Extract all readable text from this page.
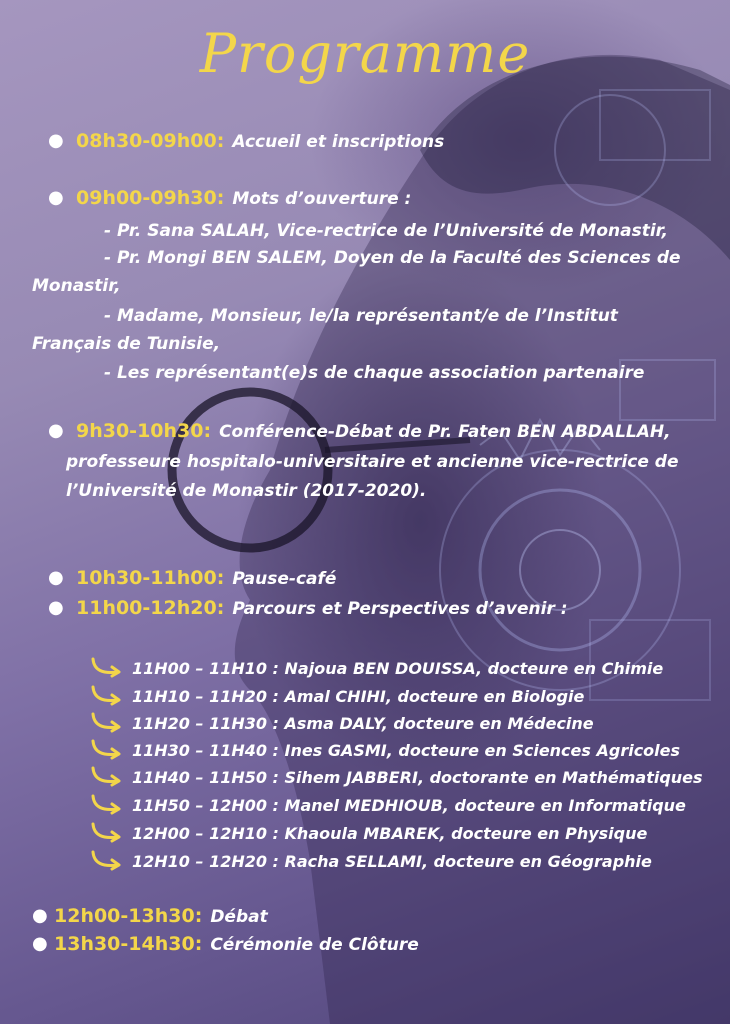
Programme
● 08h30-09h00: Accueil et inscriptions
● 09h00-09h30: Mots d’ouverture :
- Pr. Sana SALAH, Vice-rectrice de l’Université de Monastir,
- Pr. Mongi BEN SALEM, Doyen de la Faculté des Sciences de
Monastir,
- Madame, Monsieur, le/la représentant/e de l’Institut
Français de Tunisie,
- Les représentant(e)s de chaque association partenaire
● 9h30-10h30: Conférence-Débat de Pr. Faten BEN ABDALLAH,
professeure hospitalo-universitaire et ancienne vice-rectrice de
l’Université de Monastir (2017-2020).
● 10h30-11h00: Pause-café
● 11h00-12h20: Parcours et Perspectives d’avenir :
11H00 – 11H10 : Najoua BEN DOUISSA, docteure en Chimie
11H10 – 11H20 : Amal CHIHI, docteure en Biologie
11H20 – 11H30 : Asma DALY, docteure en Médecine
11H30 – 11H40 : Ines GASMI, docteure en Sciences Agricoles
11H40 – 11H50 : Sihem JABBERI, doctorante en Mathématiques
11H50 – 12H00 : Manel MEDHIOUB, docteure en Informatique
12H00 – 12H10 : Khaoula MBAREK, docteure en Physique
12H10 – 12H20 : Racha SELLAMI, docteure en Géographie
● 12h00-13h30: Débat
● 13h30-14h30: Cérémonie de Clôture
